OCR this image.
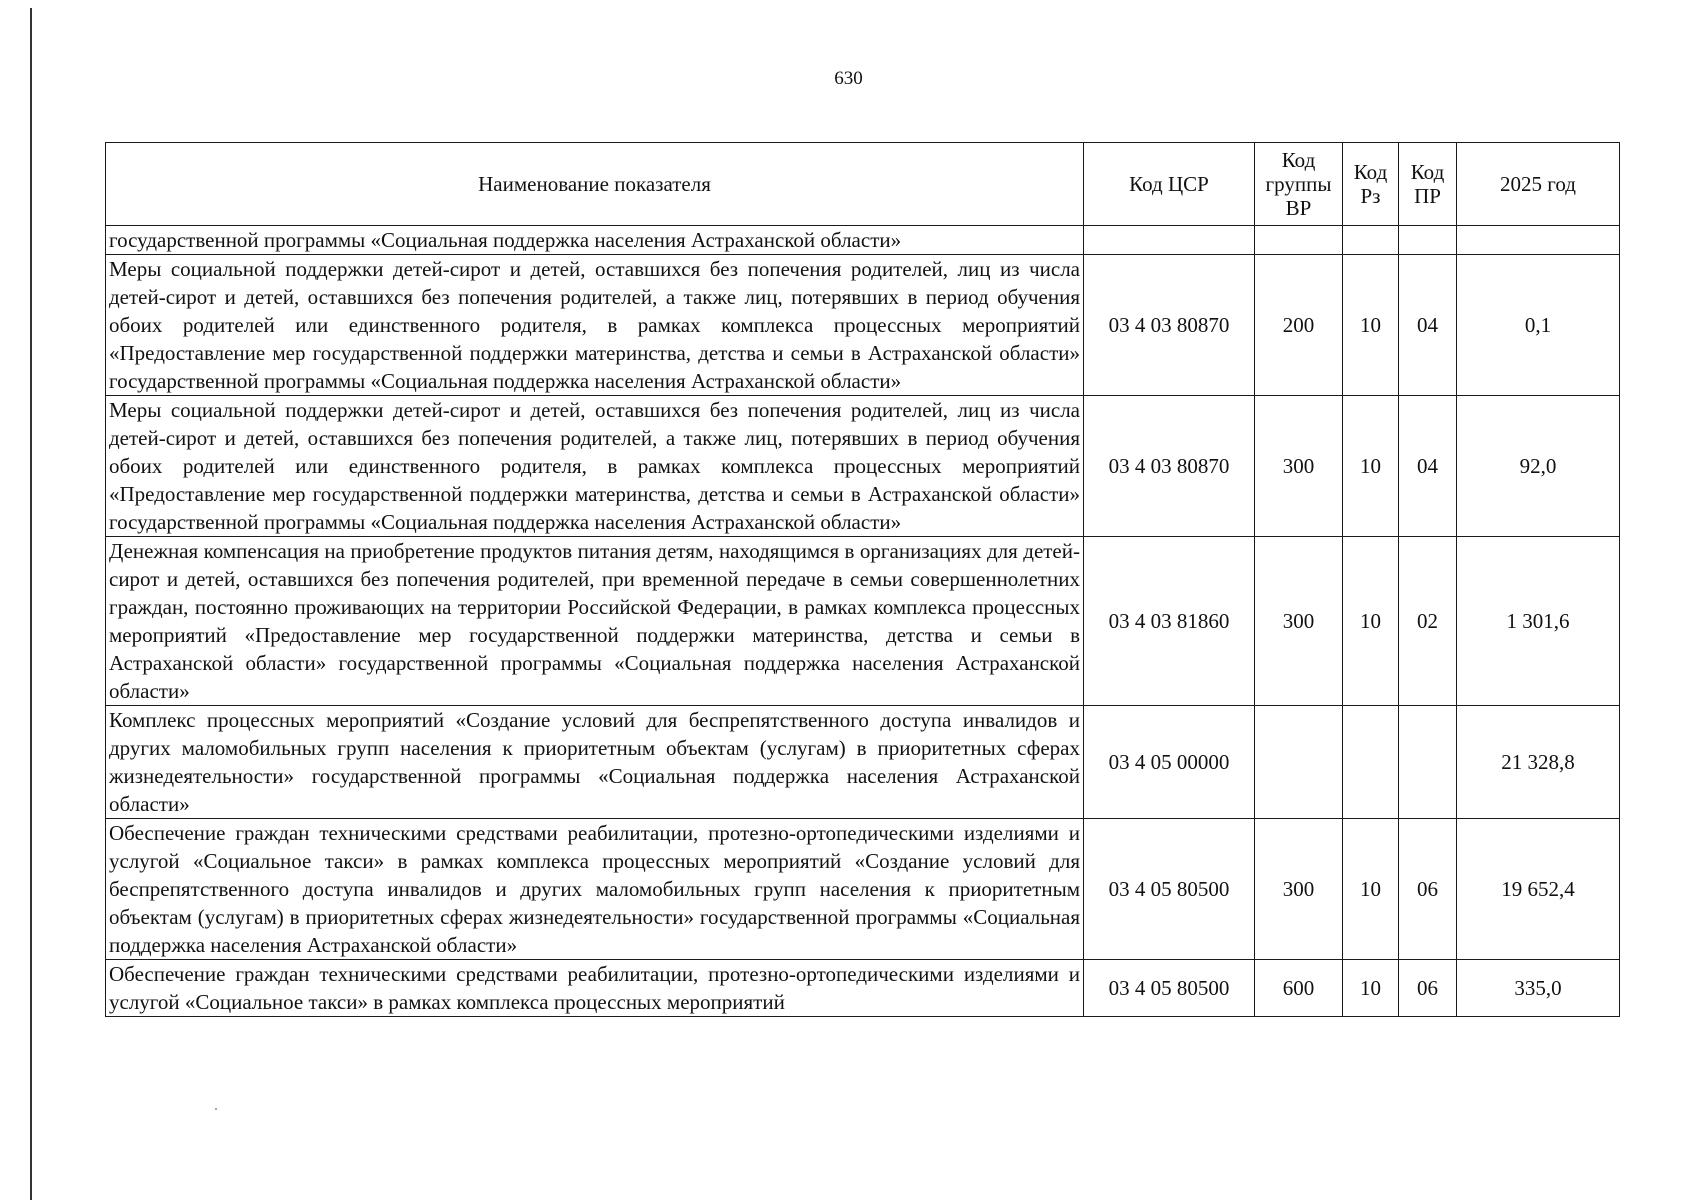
630
Наименование показателя	Код ЦСР	Код группы ВР	Код Рз	Код ПР	2025 год
государственной программы «Социальная поддержка населения Астраханской области»					
Меры социальной поддержки детей-сирот и детей, оставшихся без попечения родителей, лиц из числа детей-сирот и детей, оставшихся без попечения родителей, а также лиц, потерявших в период обучения обоих родителей или единственного родителя, в рамках комплекса процессных мероприятий «Предоставление мер государственной поддержки материнства, детства и семьи в Астраханской области» государственной программы «Социальная поддержка населения Астраханской области»	03 4 03 80870	200	10	04	0,1
Меры социальной поддержки детей-сирот и детей, оставшихся без попечения родителей, лиц из числа детей-сирот и детей, оставшихся без попечения родителей, а также лиц, потерявших в период обучения обоих родителей или единственного родителя, в рамках комплекса процессных мероприятий «Предоставление мер государственной поддержки материнства, детства и семьи в Астраханской области» государственной программы «Социальная поддержка населения Астраханской области»	03 4 03 80870	300	10	04	92,0
Денежная компенсация на приобретение продуктов питания детям, находящимся в организациях для детей-сирот и детей, оставшихся без попечения родителей, при временной передаче в семьи совершеннолетних граждан, постоянно проживающих на территории Российской Федерации, в рамках комплекса процессных мероприятий «Предоставление мер государственной поддержки материнства, детства и семьи в Астраханской области» государственной программы «Социальная поддержка населения Астраханской области»	03 4 03 81860	300	10	02	1 301,6
Комплекс процессных мероприятий «Создание условий для беспрепятственного доступа инвалидов и других маломобильных групп населения к приоритетным объектам (услугам) в приоритетных сферах жизнедеятельности» государственной программы «Социальная поддержка населения Астраханской области»	03 4 05 00000				21 328,8
Обеспечение граждан техническими средствами реабилитации, протезно-ортопедическими изделиями и услугой «Социальное такси» в рамках комплекса процессных мероприятий «Создание условий для беспрепятственного доступа инвалидов и других маломобильных групп населения к приоритетным объектам (услугам) в приоритетных сферах жизнедеятельности» государственной программы «Социальная поддержка населения Астраханской области»	03 4 05 80500	300	10	06	19 652,4
Обеспечение граждан техническими средствами реабилитации, протезно-ортопедическими изделиями и услугой «Социальное такси» в рамках комплекса процессных мероприятий	03 4 05 80500	600	10	06	335,0
